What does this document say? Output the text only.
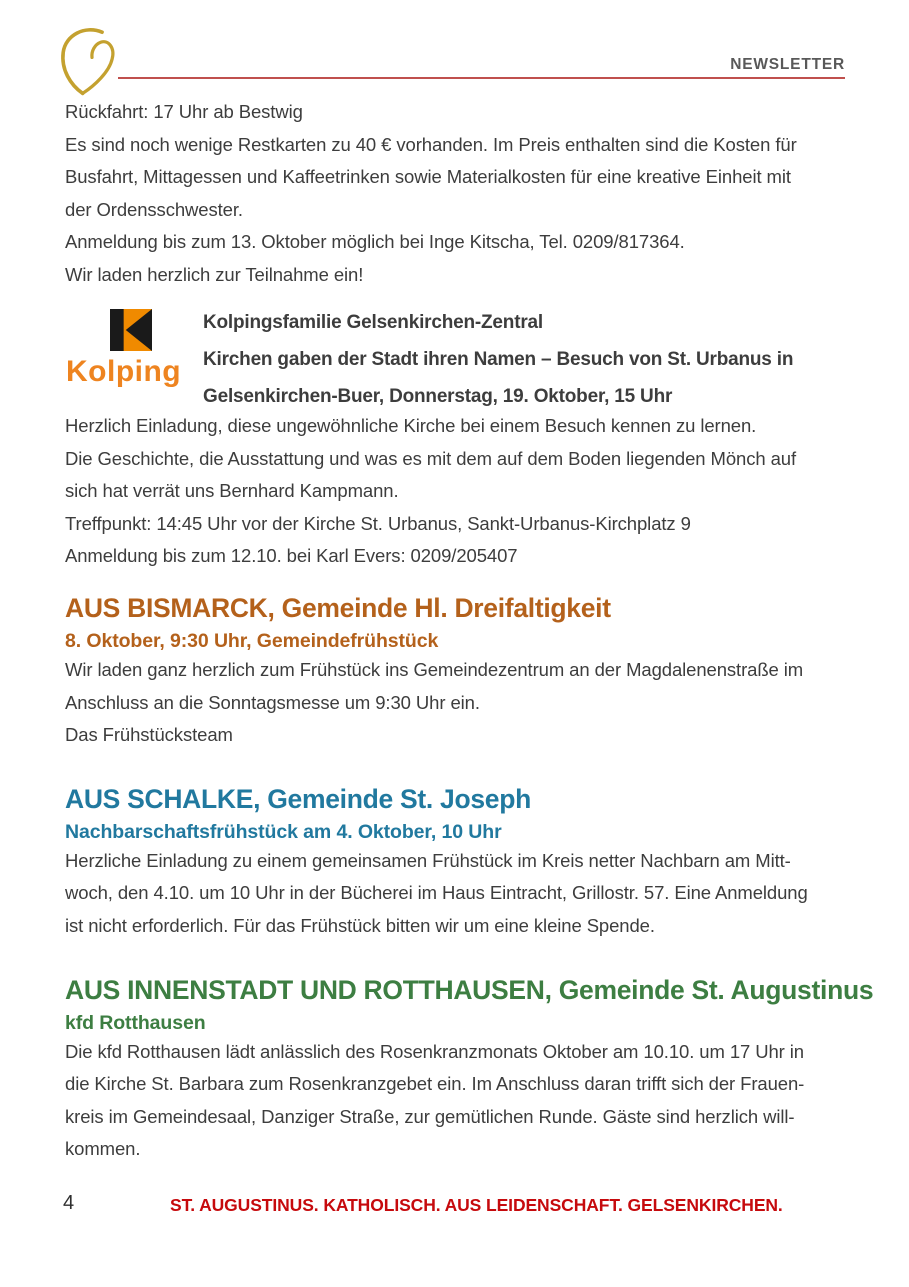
NEWSLETTER
Rückfahrt: 17 Uhr ab Bestwig
Es sind noch wenige Restkarten zu 40 € vorhanden. Im Preis enthalten sind die Kosten für
Busfahrt, Mittagessen und Kaffeetrinken sowie Materialkosten für eine kreative Einheit mit
der Ordensschwester.
Anmeldung bis zum 13. Oktober möglich bei Inge Kitscha, Tel. 0209/817364.
Wir laden herzlich zur Teilnahme ein!
Kolping
Kolpingsfamilie Gelsenkirchen-Zentral
Kirchen gaben der Stadt ihren Namen – Besuch von St. Urbanus in
Gelsenkirchen-Buer, Donnerstag, 19. Oktober, 15 Uhr
Herzlich Einladung, diese ungewöhnliche Kirche bei einem Besuch kennen zu lernen.
Die Geschichte, die Ausstattung und was es mit dem auf dem Boden liegenden Mönch auf
sich hat verrät uns Bernhard Kampmann.
Treffpunkt: 14:45 Uhr vor der Kirche St. Urbanus, Sankt-Urbanus-Kirchplatz 9
Anmeldung bis zum 12.10. bei Karl Evers: 0209/205407
AUS BISMARCK, Gemeinde Hl. Dreifaltigkeit
8. Oktober, 9:30 Uhr, Gemeindefrühstück
Wir laden ganz herzlich zum Frühstück ins Gemeindezentrum an der Magdalenenstraße im
Anschluss an die Sonntagsmesse um 9:30 Uhr ein.
Das Frühstücksteam
AUS SCHALKE, Gemeinde St. Joseph
Nachbarschaftsfrühstück am 4. Oktober, 10 Uhr
Herzliche Einladung zu einem gemeinsamen Frühstück im Kreis netter Nachbarn am Mitt-
woch, den 4.10. um 10 Uhr in der Bücherei im Haus Eintracht, Grillostr. 57. Eine Anmeldung
ist nicht erforderlich. Für das Frühstück bitten wir um eine kleine Spende.
AUS INNENSTADT UND ROTTHAUSEN, Gemeinde St. Augustinus
kfd Rotthausen
Die kfd Rotthausen lädt anlässlich des Rosenkranzmonats Oktober am 10.10. um 17 Uhr in
die Kirche St. Barbara zum Rosenkranzgebet ein. Im Anschluss daran trifft sich der Frauen-
kreis im Gemeindesaal, Danziger Straße, zur gemütlichen Runde. Gäste sind herzlich will-
kommen.
4	ST. AUGUSTINUS. KATHOLISCH. AUS LEIDENSCHAFT. GELSENKIRCHEN.
